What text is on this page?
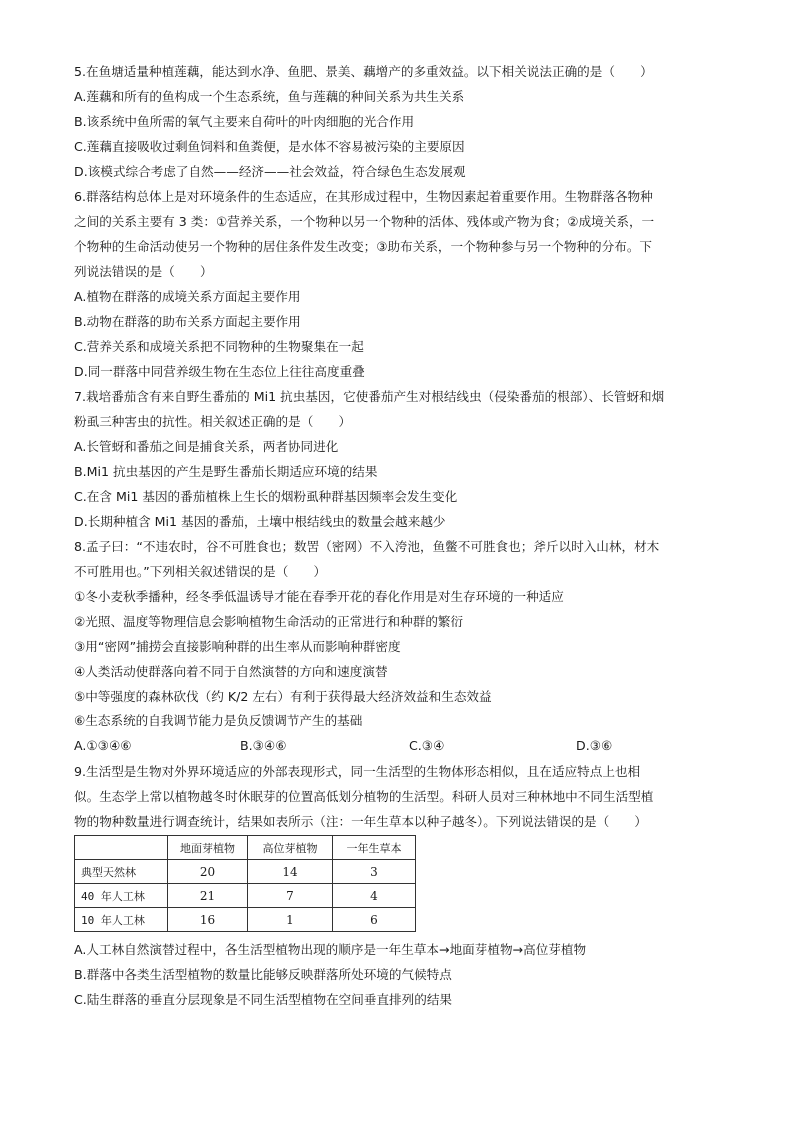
5.在鱼塘适量种植莲藕，能达到水净、鱼肥、景美、藕增产的多重效益。以下相关说法正确的是（　　）
A.莲藕和所有的鱼构成一个生态系统，鱼与莲藕的种间关系为共生关系
B.该系统中鱼所需的氧气主要来自荷叶的叶肉细胞的光合作用
C.莲藕直接吸收过剩鱼饲料和鱼粪便，是水体不容易被污染的主要原因
D.该模式综合考虑了自然——经济——社会效益，符合绿色生态发展观
6.群落结构总体上是对环境条件的生态适应，在其形成过程中，生物因素起着重要作用。生物群落各物种
之间的关系主要有 3 类：①营养关系，一个物种以另一个物种的活体、残体或产物为食；②成境关系，一
个物种的生命活动使另一个物种的居住条件发生改变；③助布关系，一个物种参与另一个物种的分布。下
列说法错误的是（　　）
A.植物在群落的成境关系方面起主要作用
B.动物在群落的助布关系方面起主要作用
C.营养关系和成境关系把不同物种的生物聚集在一起
D.同一群落中同营养级生物在生态位上往往高度重叠
7.栽培番茄含有来自野生番茄的 Mi1 抗虫基因，它使番茄产生对根结线虫（侵染番茄的根部）、长管蚜和烟
粉虱三种害虫的抗性。相关叙述正确的是（　　）
A.长管蚜和番茄之间是捕食关系，两者协同进化
B.Mi1 抗虫基因的产生是野生番茄长期适应环境的结果
C.在含 Mi1 基因的番茄植株上生长的烟粉虱种群基因频率会发生变化
D.长期种植含 Mi1 基因的番茄，土壤中根结线虫的数量会越来越少
8.孟子曰：“不违农时，谷不可胜食也；数罟（密网）不入洿池，鱼鳖不可胜食也；斧斤以时入山林，材木
不可胜用也。”下列相关叙述错误的是（　　）
①冬小麦秋季播种，经冬季低温诱导才能在春季开花的春化作用是对生存环境的一种适应
②光照、温度等物理信息会影响植物生命活动的正常进行和种群的繁衍
③用“密网”捕捞会直接影响种群的出生率从而影响种群密度
④人类活动使群落向着不同于自然演替的方向和速度演替
⑤中等强度的森林砍伐（约 K/2 左右）有利于获得最大经济效益和生态效益
⑥生态系统的自我调节能力是负反馈调节产生的基础
A.①③④⑥	B.③④⑥	C.③④	D.③⑥
9.生活型是生物对外界环境适应的外部表现形式，同一生活型的生物体形态相似，且在适应特点上也相
似。生态学上常以植物越冬时休眠芽的位置高低划分植物的生活型。科研人员对三种林地中不同生活型植
物的物种数量进行调查统计，结果如表所示（注：一年生草本以种子越冬）。下列说法错误的是（　　）
	地面芽植物	高位芽植物	一年生草本
典型天然林	20	14	3
40 年人工林	21	7	4
10 年人工林	16	1	6
A.人工林自然演替过程中，各生活型植物出现的顺序是一年生草本→地面芽植物→高位芽植物
B.群落中各类生活型植物的数量比能够反映群落所处环境的气候特点
C.陆生群落的垂直分层现象是不同生活型植物在空间垂直排列的结果
